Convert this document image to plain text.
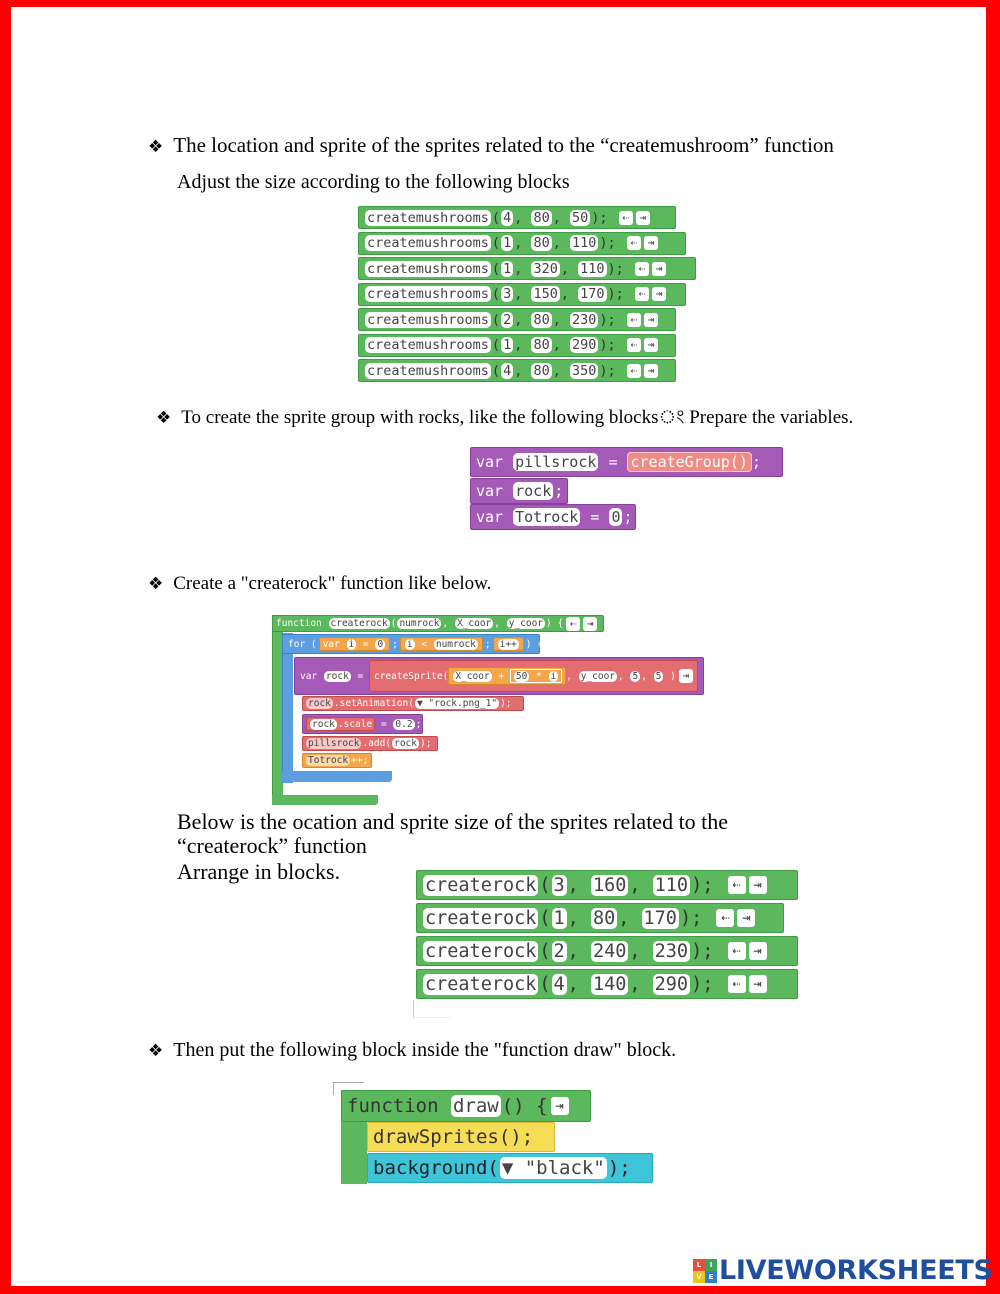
❖ The location and sprite of the sprites related to the “createmushroom” function
Adjust the size according to the following blocks
createmushrooms ( 4 , 80 , 50 ); ⇠ ⇥
createmushrooms ( 1 , 80 , 110 ); ⇠ ⇥
createmushrooms ( 1 , 320 , 110 ); ⇠ ⇥
createmushrooms ( 3 , 150 , 170 ); ⇠ ⇥
createmushrooms ( 2 , 80 , 230 ); ⇠ ⇥
createmushrooms ( 1 , 80 , 290 ); ⇠ ⇥
createmushrooms ( 4 , 80 , 350 ); ⇠ ⇥
❖ To create the sprite group with rocks, like the following blocksং Prepare the variables.
var
pillsrock
=
createGroup() ;
var
rock ;
var
Totrock
=
0 ;
❖ Create a "createrock" function like below.
function
createrock ( numrock , X_coor , y_coor ) { ⇠ ⇥
for ( var
i = 0 ; i
<
numrock ; i++ ) {
var
rock = createSprite( X_coor
+
50
*
i , y_coor , 5 , 5 ) ⇥ ;
rock .setAnimation( ▼ "rock.png_1" );
rock .scale = 0.2 ;
pillsrock .add( rock );
Totrock ++;
Below is the ocation and sprite size of the sprites related to the
“createrock” function
Arrange in blocks.
createrock ( 3 , 160 , 110 ); ⇠ ⇥
createrock ( 1 , 80 , 170 ); ⇠ ⇥
createrock ( 2 , 240 , 230 ); ⇠ ⇥
createrock ( 4 , 140 , 290 ); ⇠ ⇥
❖ Then put the following block inside the "function draw" block.
function
draw () { ⇥
drawSprites();
background( ▼ "black" );
L	I
V E LIVEWORKSHEETS
